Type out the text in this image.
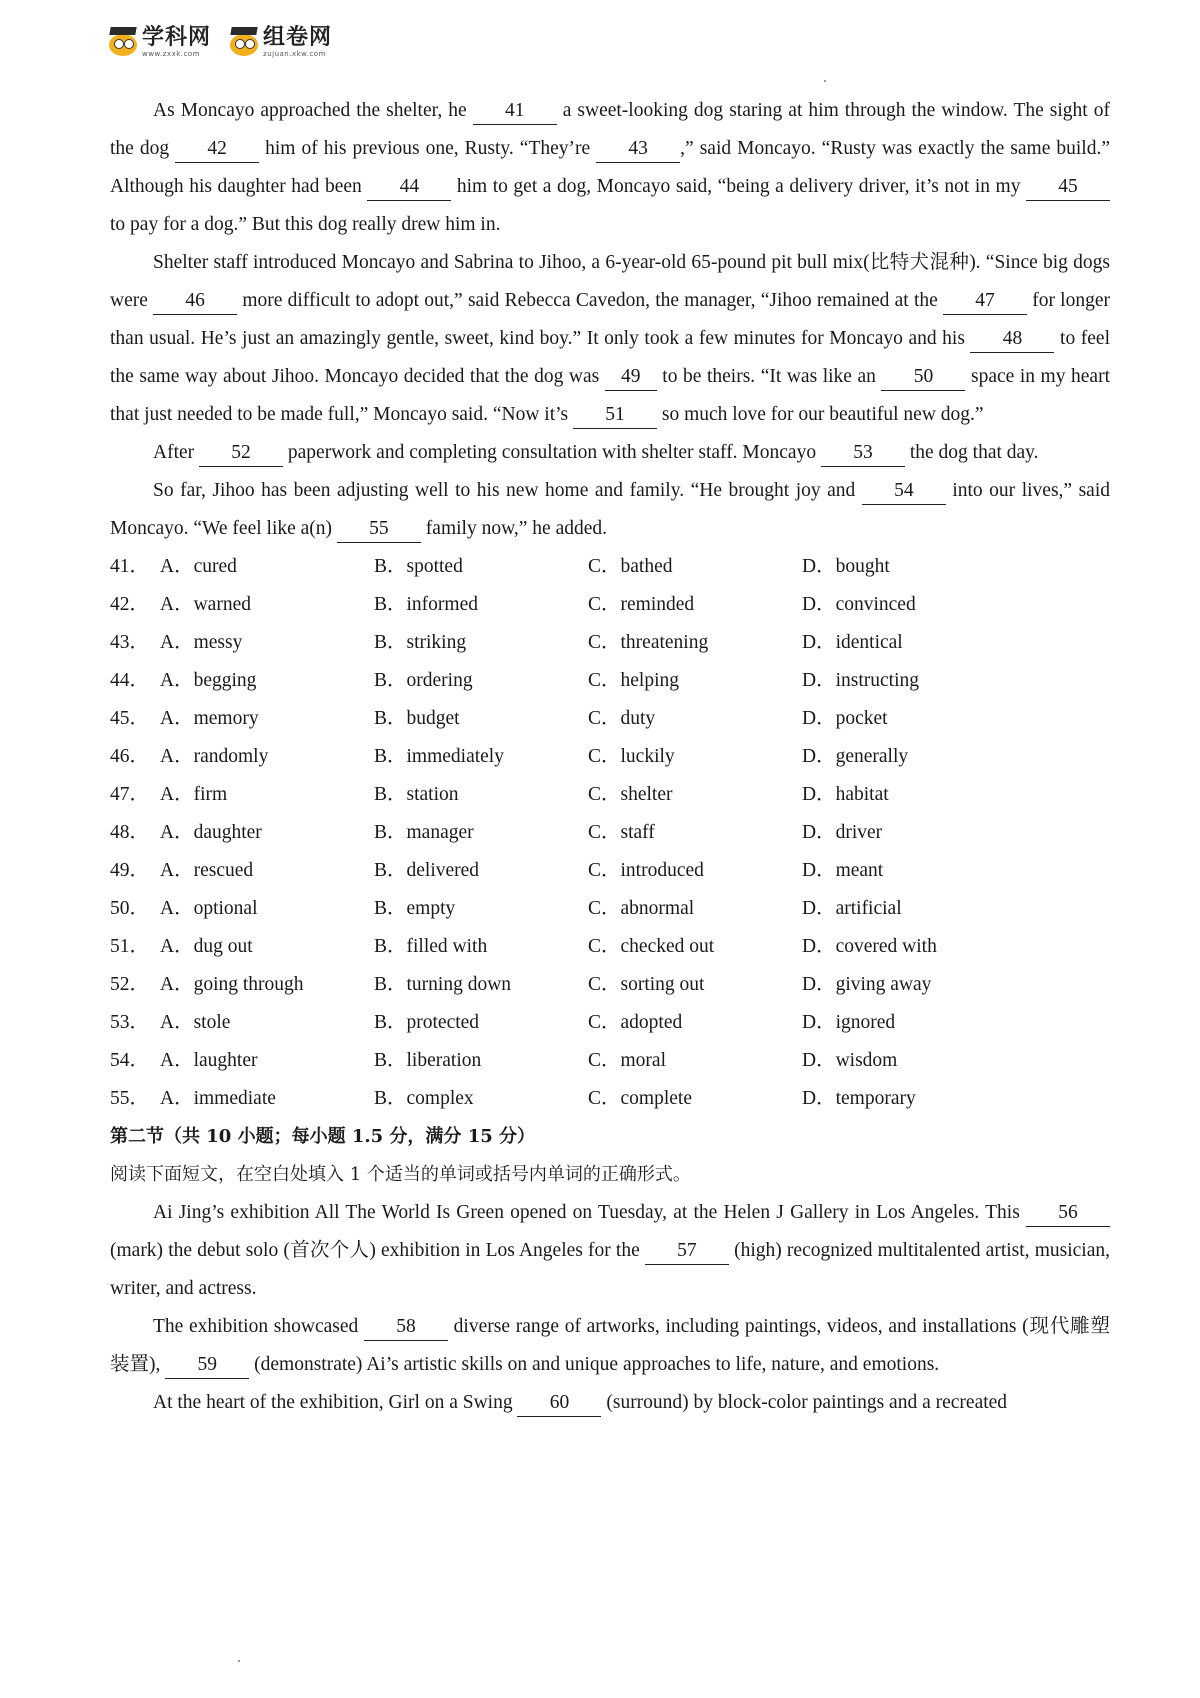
学科网
www.zxxk.com
组卷网
zujuan.xkw.com
As Moncayo approached the shelter, he 41 a sweet-looking dog staring at him through the window. The sight of the dog 42 him of his previous one, Rusty. “They’re 43 ,” said Moncayo. “Rusty was exactly the same build.” Although his daughter had been 44 him to get a dog, Moncayo said, “being a delivery driver, it’s not in my 45 to pay for a dog.” But this dog really drew him in.
Shelter staff introduced Moncayo and Sabrina to Jihoo, a 6-year-old 65-pound pit bull mix(比特犬混种). “Since big dogs were 46 more difficult to adopt out,” said Rebecca Cavedon, the manager, “Jihoo remained at the 47 for longer than usual. He’s just an amazingly gentle, sweet, kind boy.” It only took a few minutes for Moncayo and his 48 to feel the same way about Jihoo. Moncayo decided that the dog was 49 to be theirs. “It was like an 50 space in my heart that just needed to be made full,” Moncayo said. “Now it’s 51 so much love for our beautiful new dog.”
After 52 paperwork and completing consultation with shelter staff. Moncayo 53 the dog that day.
So far, Jihoo has been adjusting well to his new home and family. “He brought joy and 54 into our lives,” said Moncayo. “We feel like a(n) 55 family now,” he added.
41． A．cured	B．spotted	C．bathed	D．bought
42． A．warned	B．informed	C．reminded	D．convinced
43． A．messy	B．striking	C．threatening	D．identical
44． A．begging	B．ordering	C．helping	D．instructing
45． A．memory	B．budget	C．duty	D．pocket
46． A．randomly	B．immediately	C．luckily	D．generally
47． A．firm	B．station	C．shelter	D．habitat
48． A．daughter	B．manager	C．staff	D．driver
49． A．rescued	B．delivered	C．introduced	D．meant
50． A．optional	B．empty	C．abnormal	D．artificial
51． A．dug out	B．filled with	C．checked out	D．covered with
52． A．going through	B．turning down	C．sorting out	D．giving away
53． A．stole	B．protected	C．adopted	D．ignored
54． A．laughter	B．liberation	C．moral	D．wisdom
55． A．immediate	B．complex	C．complete	D．temporary
第二节（共 10 小题；每小题 1.5 分，满分 15 分）
阅读下面短文，在空白处填入 1 个适当的单词或括号内单词的正确形式。
Ai Jing’s exhibition All The World Is Green opened on Tuesday, at the Helen J Gallery in Los Angeles. This 56 (mark) the debut solo (首次个人) exhibition in Los Angeles for the 57 (high) recognized multitalented artist, musician, writer, and actress.
The exhibition showcased 58 diverse range of artworks, including paintings, videos, and installations (现代雕塑装置), 59 (demonstrate) Ai’s artistic skills on and unique approaches to life, nature, and emotions.
At the heart of the exhibition, Girl on a Swing 60 (surround) by block-color paintings and a recreated
